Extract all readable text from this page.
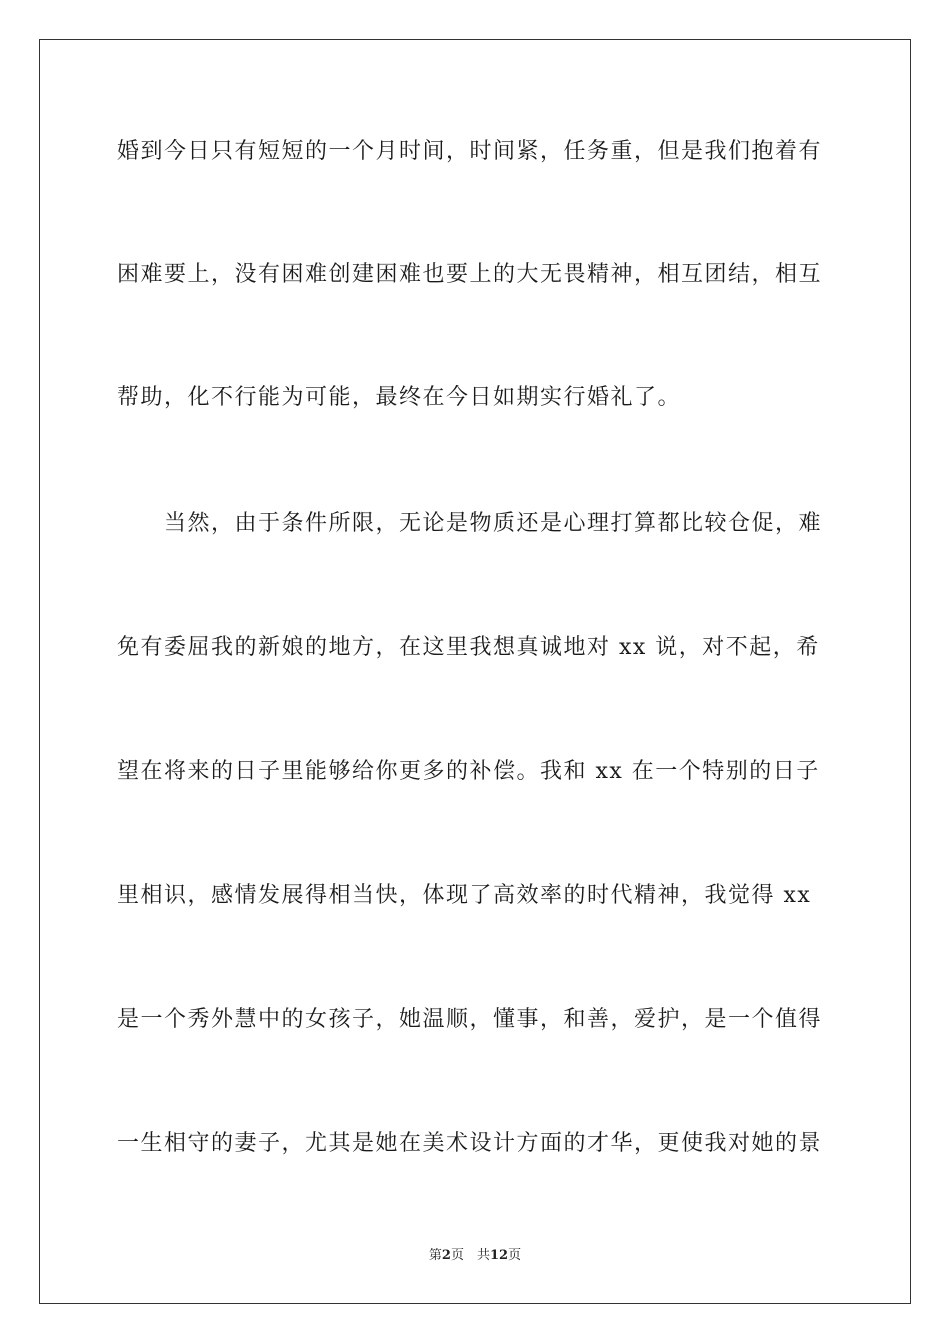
婚到今日只有短短的一个月时间，时间紧，任务重，但是我们抱着有
困难要上，没有困难创建困难也要上的大无畏精神，相互团结，相互
帮助，化不行能为可能，最终在今日如期实行婚礼了。
　　当然，由于条件所限，无论是物质还是心理打算都比较仓促，难
免有委屈我的新娘的地方，在这里我想真诚地对 xx 说，对不起，希
望在将来的日子里能够给你更多的补偿。我和 xx 在一个特别的日子
里相识，感情发展得相当快，体现了高效率的时代精神，我觉得 xx
是一个秀外慧中的女孩子，她温顺，懂事，和善，爱护，是一个值得
一生相守的妻子，尤其是她在美术设计方面的才华，更使我对她的景
第2页　共12页
